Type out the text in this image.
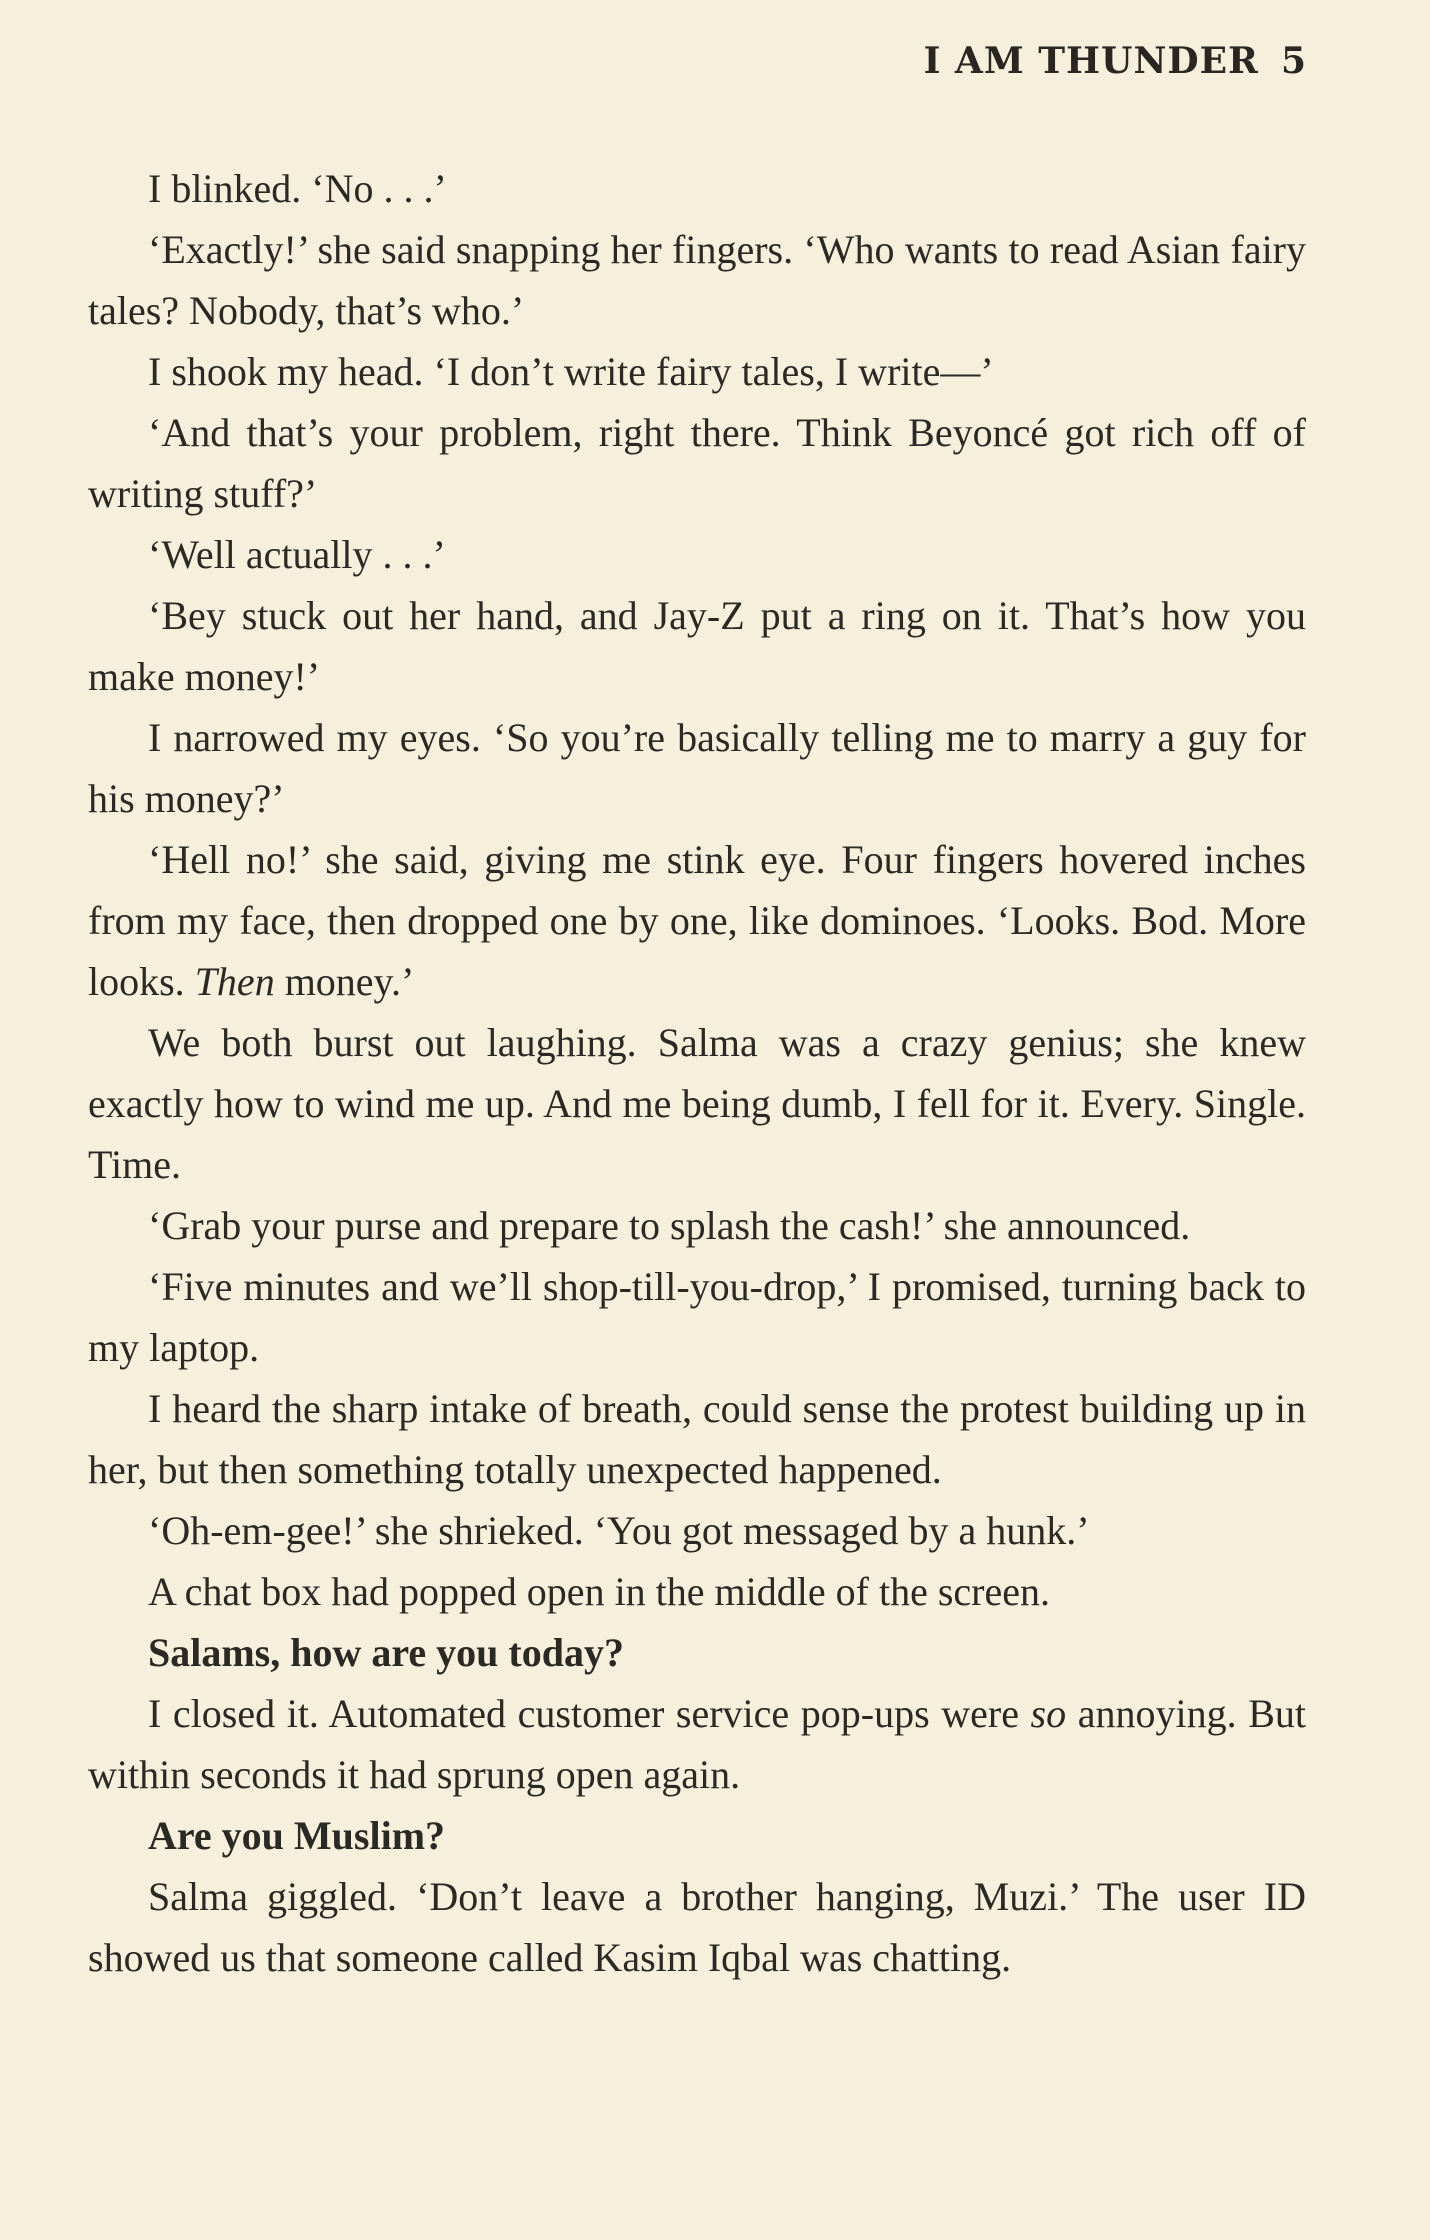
I AM THUNDER 5

I blinked. ‘No . . .’

‘Exactly!’ she said snapping her fingers. ‘Who wants to read Asian fairy tales? Nobody, that’s who.’

I shook my head. ‘I don’t write fairy tales, I write—’

‘And that’s your problem, right there. Think Beyoncé got rich off of writing stuff?’

‘Well actually . . .’

‘Bey stuck out her hand, and Jay-Z put a ring on it. That’s how you make money!’

I narrowed my eyes. ‘So you’re basically telling me to marry a guy for his money?’

‘Hell no!’ she said, giving me stink eye. Four fingers hovered inches from my face, then dropped one by one, like dominoes. ‘Looks. Bod. More looks. Then money.’

We both burst out laughing. Salma was a crazy genius; she knew exactly how to wind me up. And me being dumb, I fell for it. Every. Single. Time.

‘Grab your purse and prepare to splash the cash!’ she announced.

‘Five minutes and we’ll shop-till-you-drop,’ I promised, turning back to my laptop.

I heard the sharp intake of breath, could sense the protest building up in her, but then something totally unexpected happened.

‘Oh-em-gee!’ she shrieked. ‘You got messaged by a hunk.’

A chat box had popped open in the middle of the screen.

Salams, how are you today?

I closed it. Automated customer service pop-ups were so annoying. But within seconds it had sprung open again.

Are you Muslim?

Salma giggled. ‘Don’t leave a brother hanging, Muzi.’ The user ID showed us that someone called Kasim Iqbal was chatting.
